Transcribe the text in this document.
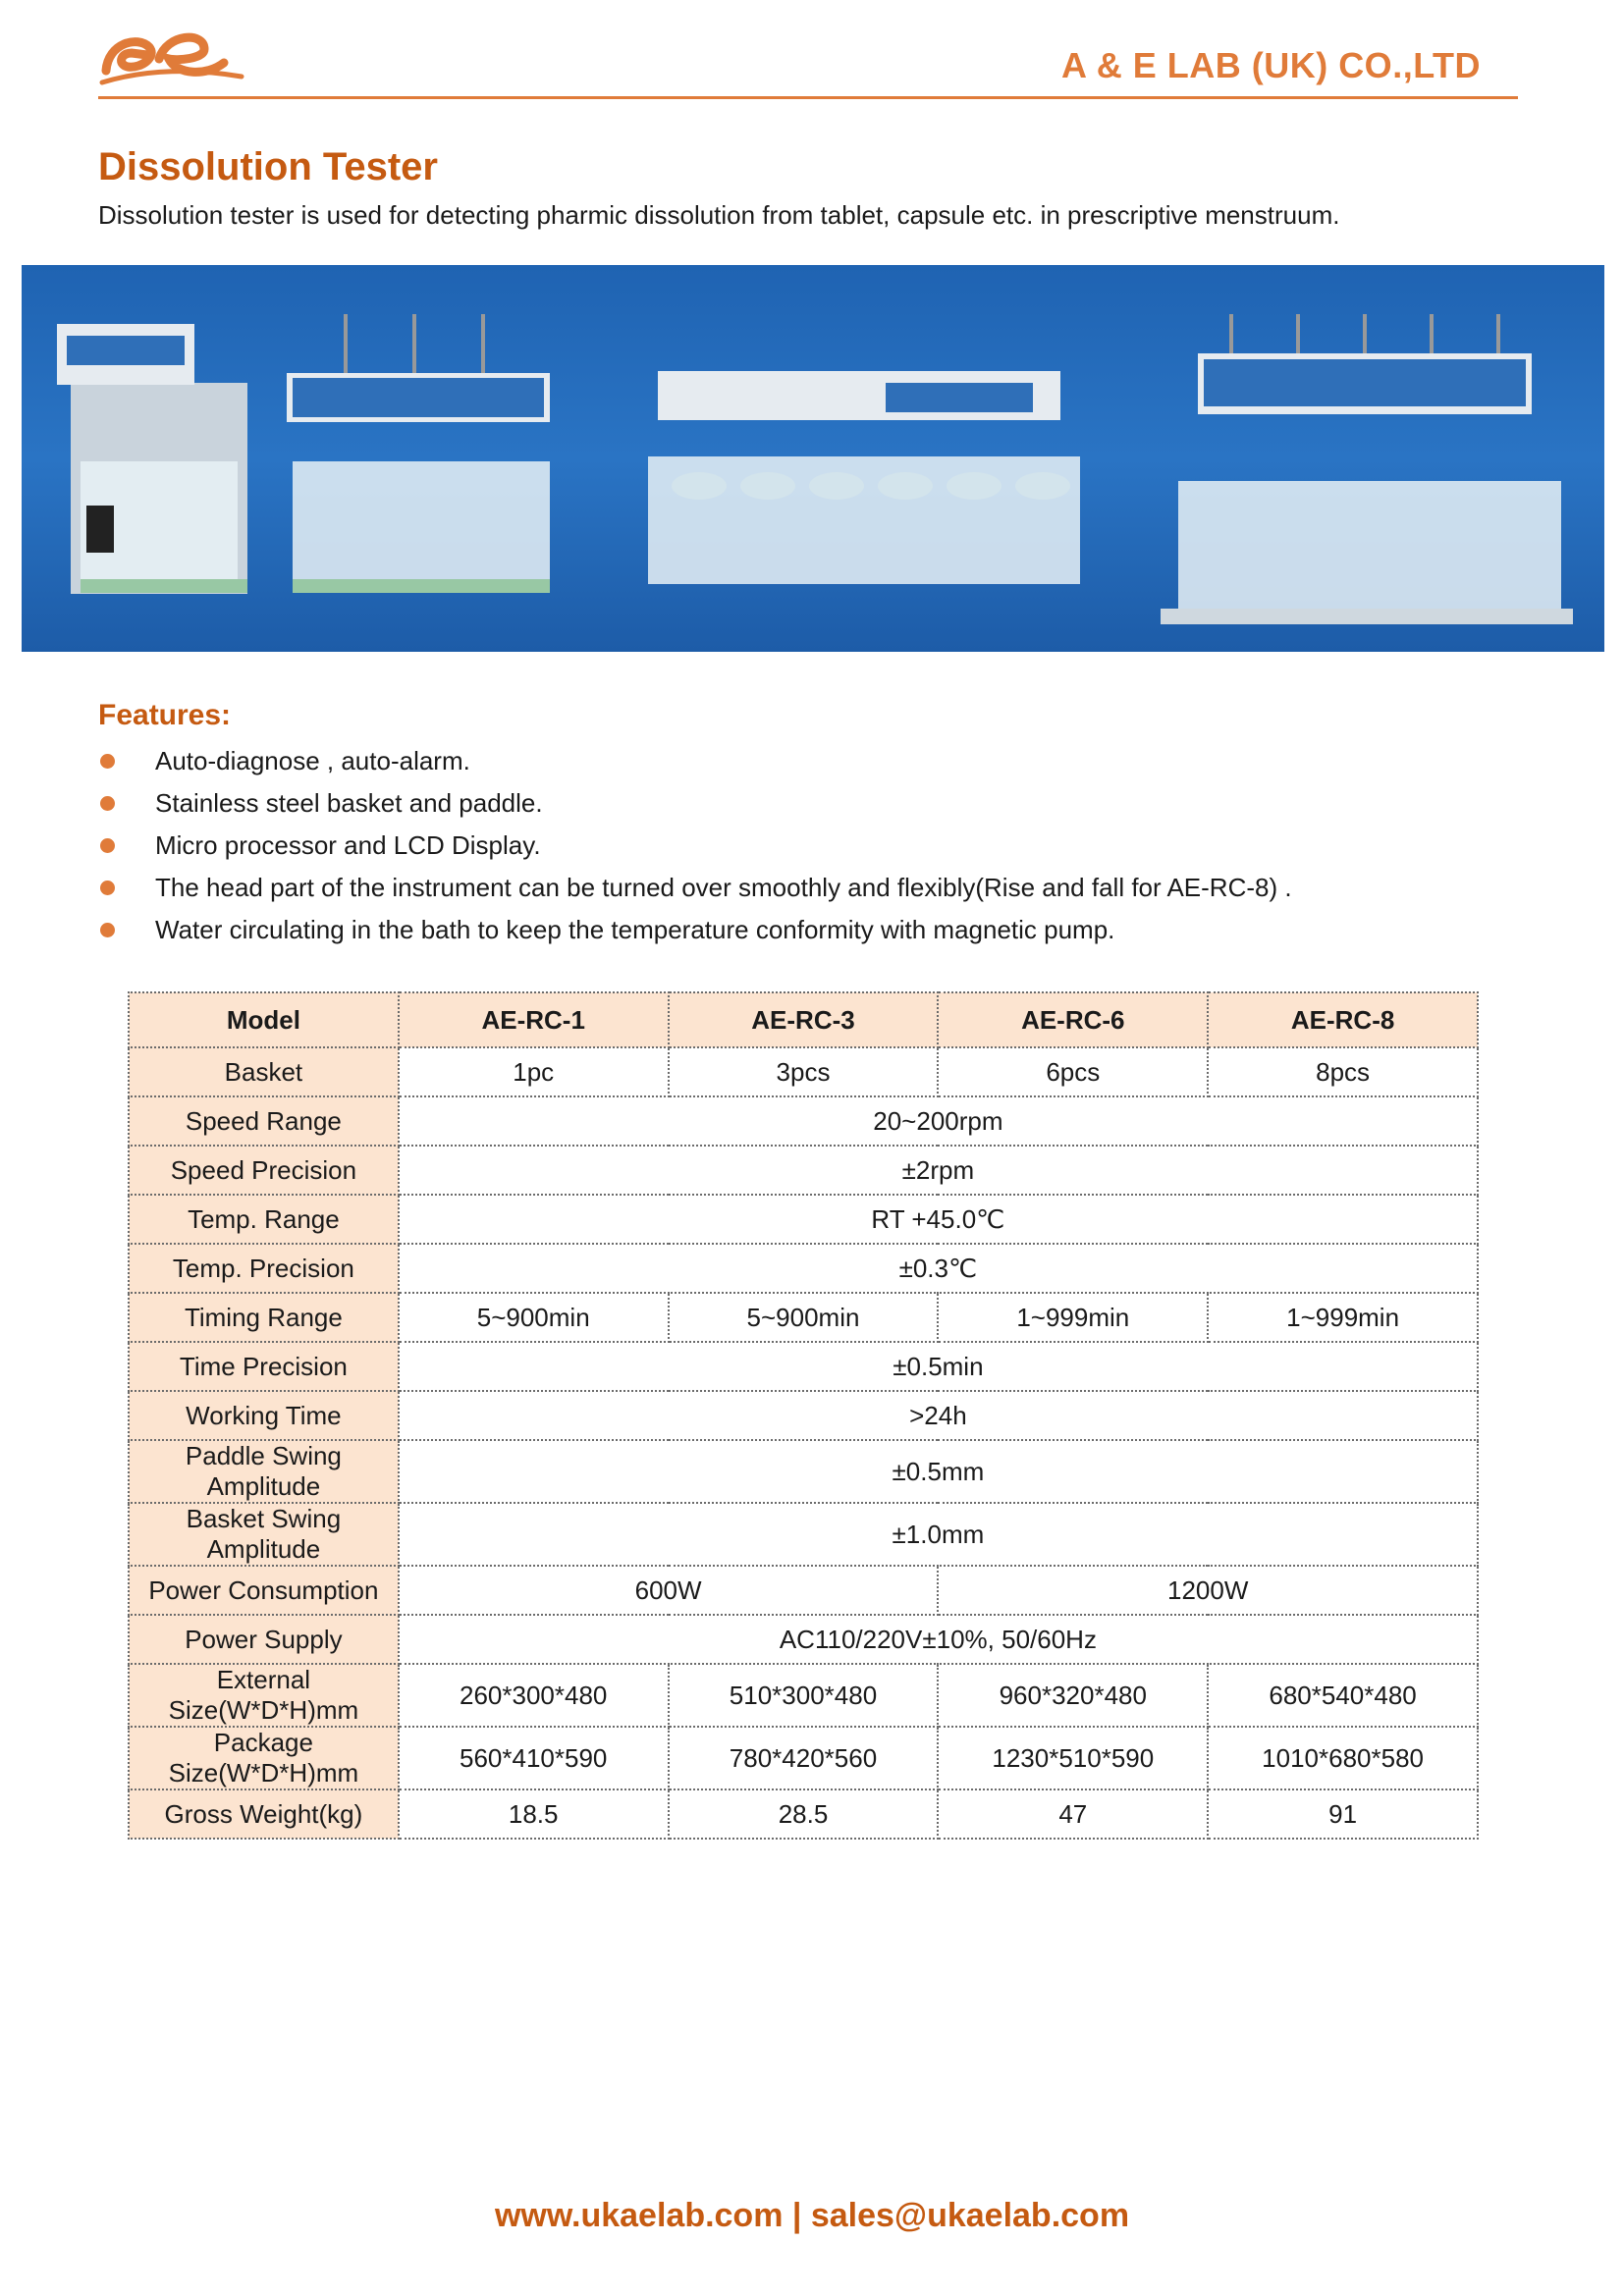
A & E LAB (UK) CO.,LTD
Dissolution Tester
Dissolution tester is used for detecting pharmic dissolution from tablet, capsule etc. in prescriptive menstruum.
Features:
Auto-diagnose , auto-alarm.
Stainless steel basket and paddle.
Micro processor and LCD Display.
The head part of the instrument can be turned over smoothly and flexibly(Rise and fall for AE-RC-8) .
Water circulating in the bath to keep the temperature conformity with magnetic pump.
Model	AE-RC-1	AE-RC-3	AE-RC-6	AE-RC-8
Basket	1pc	3pcs	6pcs	8pcs
Speed Range	20~200rpm			
Speed Precision	±2rpm			
Temp. Range	RT +45.0℃			
Temp. Precision	±0.3℃			
Timing Range	5~900min	5~900min	1~999min	1~999min
Time Precision	±0.5min			
Working Time	>24h			
Paddle Swing Amplitude	±0.5mm			
Basket Swing Amplitude	±1.0mm			
Power Consumption	600W		1200W	
Power Supply	AC110/220V±10%, 50/60Hz			
External Size(W*D*H)mm	260*300*480	510*300*480	960*320*480	680*540*480
Package Size(W*D*H)mm	560*410*590	780*420*560	1230*510*590	1010*680*580
Gross Weight(kg)	18.5	28.5	47	91
www.ukaelab.com | sales@ukaelab.com
